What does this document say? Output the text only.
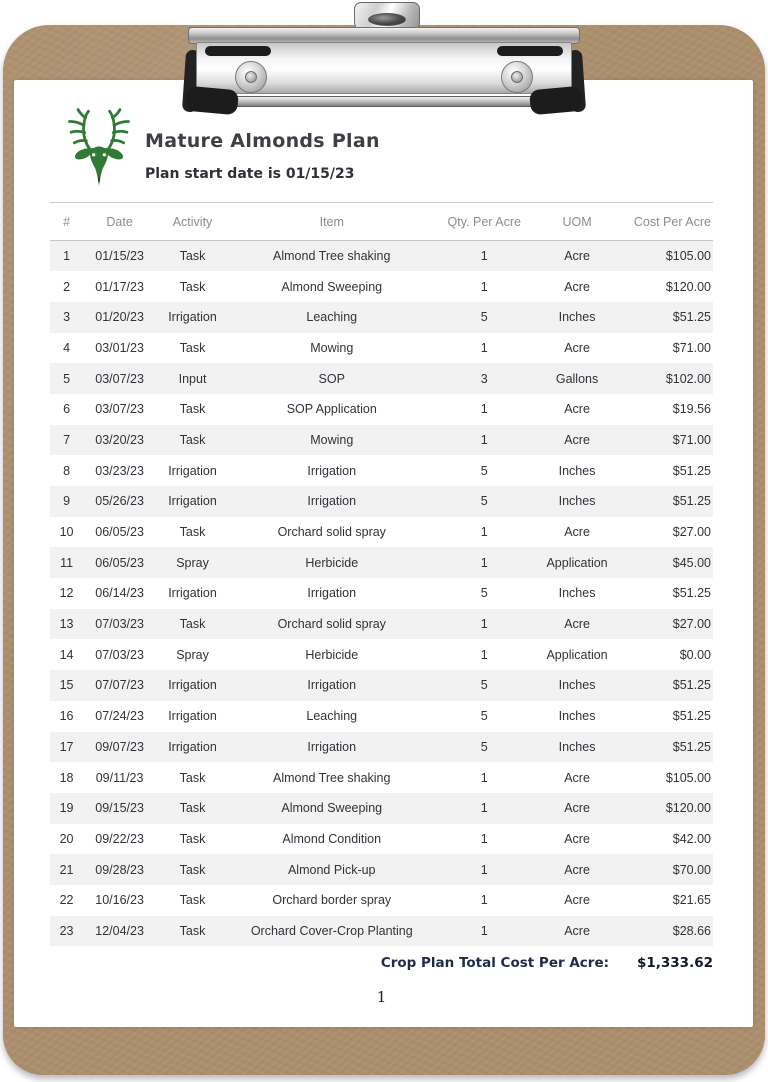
Mature Almonds Plan
Plan start date is 01/15/23
#	Date	Activity	Item	Qty. Per Acre	UOM	Cost Per Acre
1	01/15/23	Task	Almond Tree shaking	1	Acre	$105.00
2	01/17/23	Task	Almond Sweeping	1	Acre	$120.00
3	01/20/23	Irrigation	Leaching	5	Inches	$51.25
4	03/01/23	Task	Mowing	1	Acre	$71.00
5	03/07/23	Input	SOP	3	Gallons	$102.00
6	03/07/23	Task	SOP Application	1	Acre	$19.56
7	03/20/23	Task	Mowing	1	Acre	$71.00
8	03/23/23	Irrigation	Irrigation	5	Inches	$51.25
9	05/26/23	Irrigation	Irrigation	5	Inches	$51.25
10	06/05/23	Task	Orchard solid spray	1	Acre	$27.00
11	06/05/23	Spray	Herbicide	1	Application	$45.00
12	06/14/23	Irrigation	Irrigation	5	Inches	$51.25
13	07/03/23	Task	Orchard solid spray	1	Acre	$27.00
14	07/03/23	Spray	Herbicide	1	Application	$0.00
15	07/07/23	Irrigation	Irrigation	5	Inches	$51.25
16	07/24/23	Irrigation	Leaching	5	Inches	$51.25
17	09/07/23	Irrigation	Irrigation	5	Inches	$51.25
18	09/11/23	Task	Almond Tree shaking	1	Acre	$105.00
19	09/15/23	Task	Almond Sweeping	1	Acre	$120.00
20	09/22/23	Task	Almond Condition	1	Acre	$42.00
21	09/28/23	Task	Almond Pick-up	1	Acre	$70.00
22	10/16/23	Task	Orchard border spray	1	Acre	$21.65
23	12/04/23	Task	Orchard Cover-Crop Planting	1	Acre	$28.66
Crop Plan Total Cost Per Acre:	$1,333.62
1
